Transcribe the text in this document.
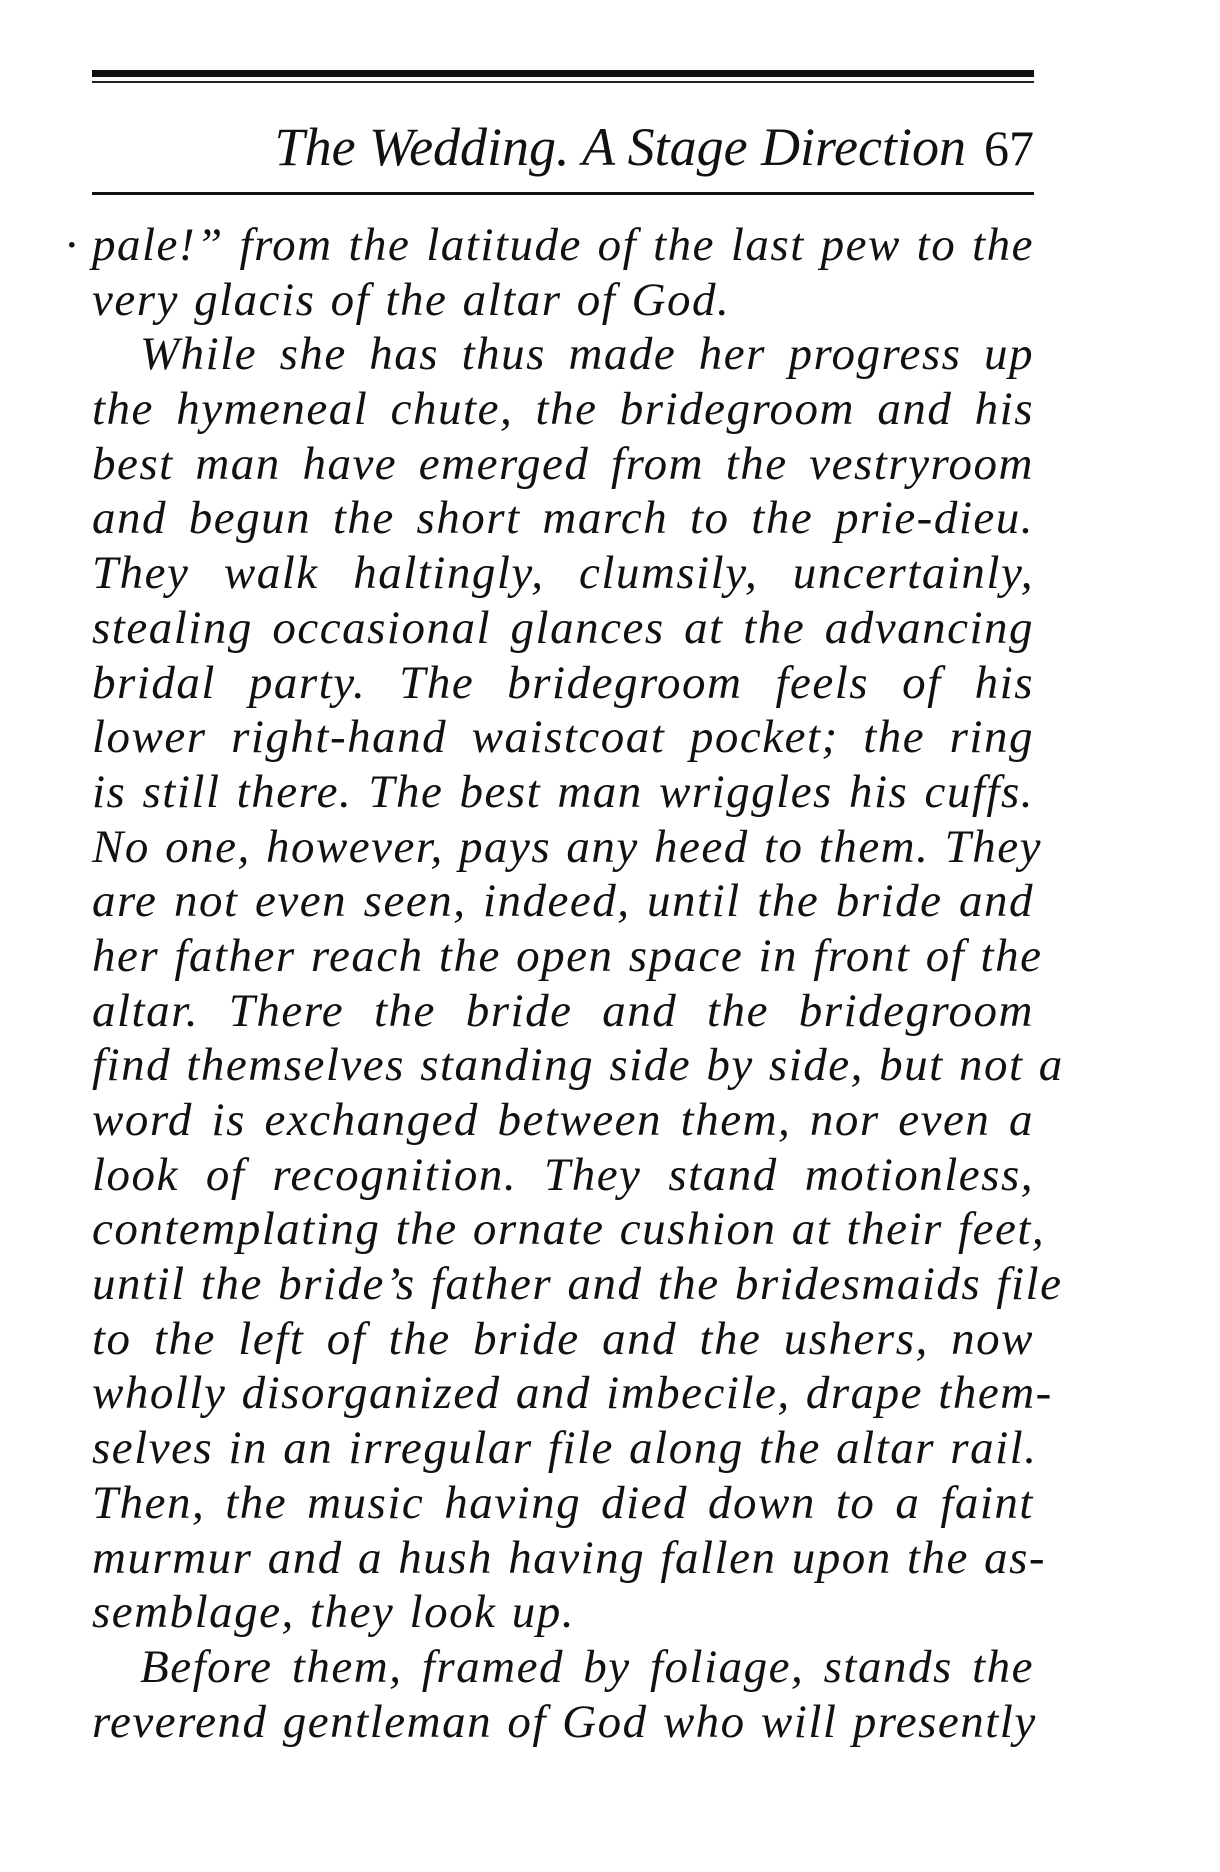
The Wedding. A Stage Direction 67
· pale!” from the latitude of the last pew to the
very glacis of the altar of God.
While she has thus made her progress up
the hymeneal chute, the bridegroom and his
best man have emerged from the vestryroom
and begun the short march to the prie-dieu.
They walk haltingly, clumsily, uncertainly,
stealing occasional glances at the advancing
bridal party. The bridegroom feels of his
lower right-hand waistcoat pocket; the ring
is still there. The best man wriggles his cuffs.
No one, however, pays any heed to them. They
are not even seen, indeed, until the bride and
her father reach the open space in front of the
altar. There the bride and the bridegroom
find themselves standing side by side, but not a
word is exchanged between them, nor even a
look of recognition. They stand motionless,
contemplating the ornate cushion at their feet,
until the bride’s father and the bridesmaids file
to the left of the bride and the ushers, now
wholly disorganized and imbecile, drape them-
selves in an irregular file along the altar rail.
Then, the music having died down to a faint
murmur and a hush having fallen upon the as-
semblage, they look up.
Before them, framed by foliage, stands the
reverend gentleman of God who will presently
